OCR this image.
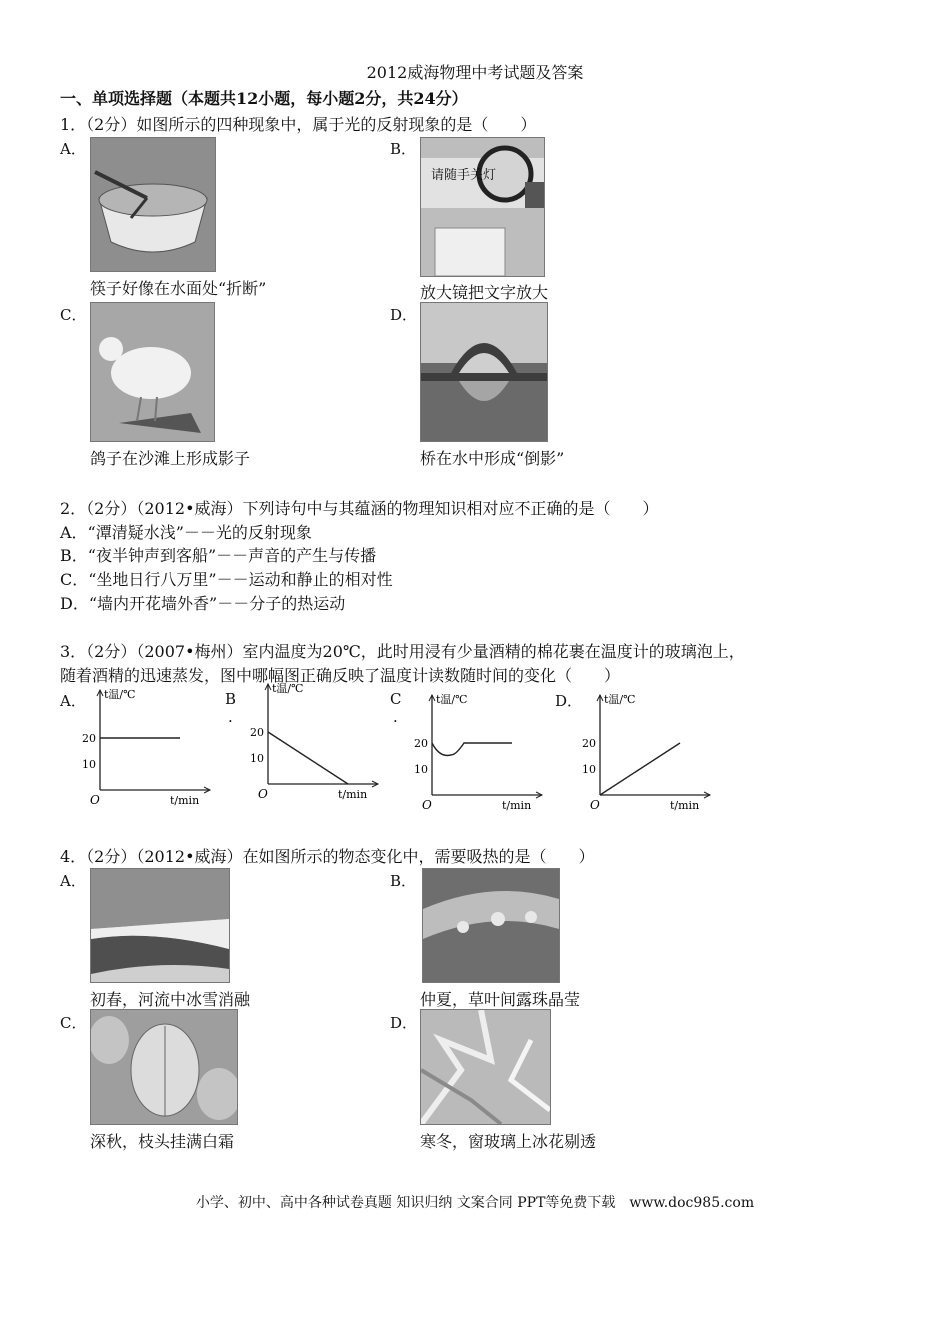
2012威海物理中考试题及答案
一、单项选择题（本题共12小题，每小题2分，共24分）
1．（2分）如图所示的四种现象中，属于光的反射现象的是（　　）
A．	B．
请随手关灯
筷子好像在水面处“折断”	放大镜把文字放大
C．	D．
鸽子在沙滩上形成影子	桥在水中形成“倒影”
2．（2分）（2012•威海）下列诗句中与其蕴涵的物理知识相对应不正确的是（　　）
A．“潭清疑水浅”－－光的反射现象
B．“夜半钟声到客船”－－声音的产生与传播
C．“坐地日行八万里”－－运动和静止的相对性
D．“墙内开花墙外香”－－分子的热运动
3．（2分）（2007•梅州）室内温度为20℃，此时用浸有少量酒精的棉花裹在温度计的玻璃泡上，
随着酒精的迅速蒸发，图中哪幅图正确反映了温度计读数随时间的变化（　　）
A．	B
.
C
.
D．
t温/℃
t/min
O
20
10
t温/℃
t/min
O
20
10
t温/℃
t/min
O
20
10
t温/℃
t/min
O
20
10
4．（2分）（2012•威海）在如图所示的物态变化中，需要吸热的是（　　）
A．	B．
初春，河流中冰雪消融	仲夏，草叶间露珠晶莹
C．	D．
深秋，枝头挂满白霜	寒冬，窗玻璃上冰花剔透
小学、初中、高中各种试卷真题 知识归纳 文案合同 PPT等免费下载　www.doc985.com
